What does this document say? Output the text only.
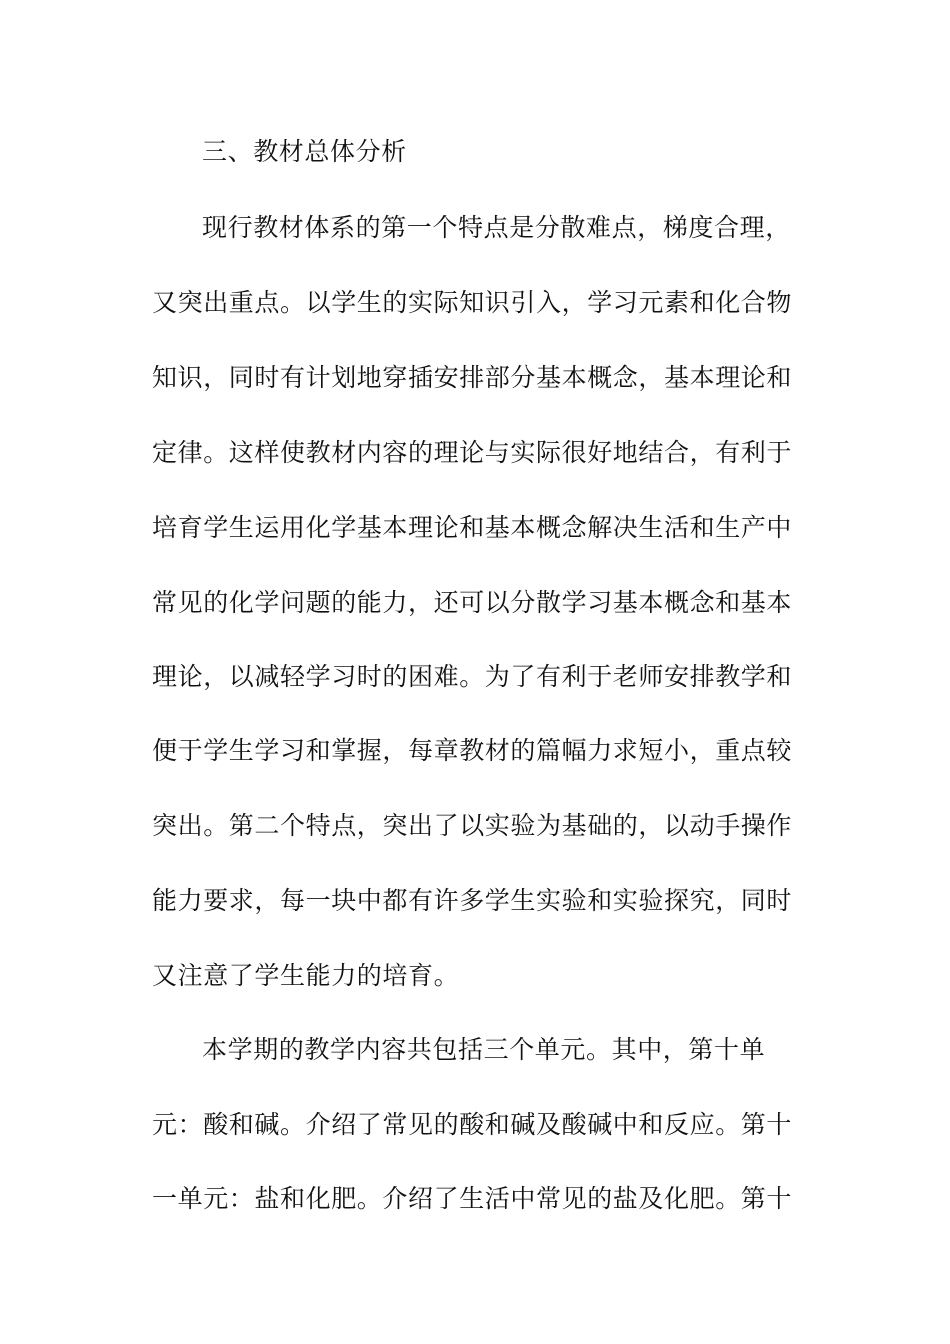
三、教材总体分析
现行教材体系的第一个特点是分散难点，梯度合理，
又突出重点。以学生的实际知识引入，学习元素和化合物
知识，同时有计划地穿插安排部分基本概念，基本理论和
定律。这样使教材内容的理论与实际很好地结合，有利于
培育学生运用化学基本理论和基本概念解决生活和生产中
常见的化学问题的能力，还可以分散学习基本概念和基本
理论，以减轻学习时的困难。为了有利于老师安排教学和
便于学生学习和掌握，每章教材的篇幅力求短小，重点较
突出。第二个特点，突出了以实验为基础的，以动手操作
能力要求，每一块中都有许多学生实验和实验探究，同时
又注意了学生能力的培育。
本学期的教学内容共包括三个单元。其中，第十单
元：酸和碱。介绍了常见的酸和碱及酸碱中和反应。第十
一单元：盐和化肥。介绍了生活中常见的盐及化肥。第十
